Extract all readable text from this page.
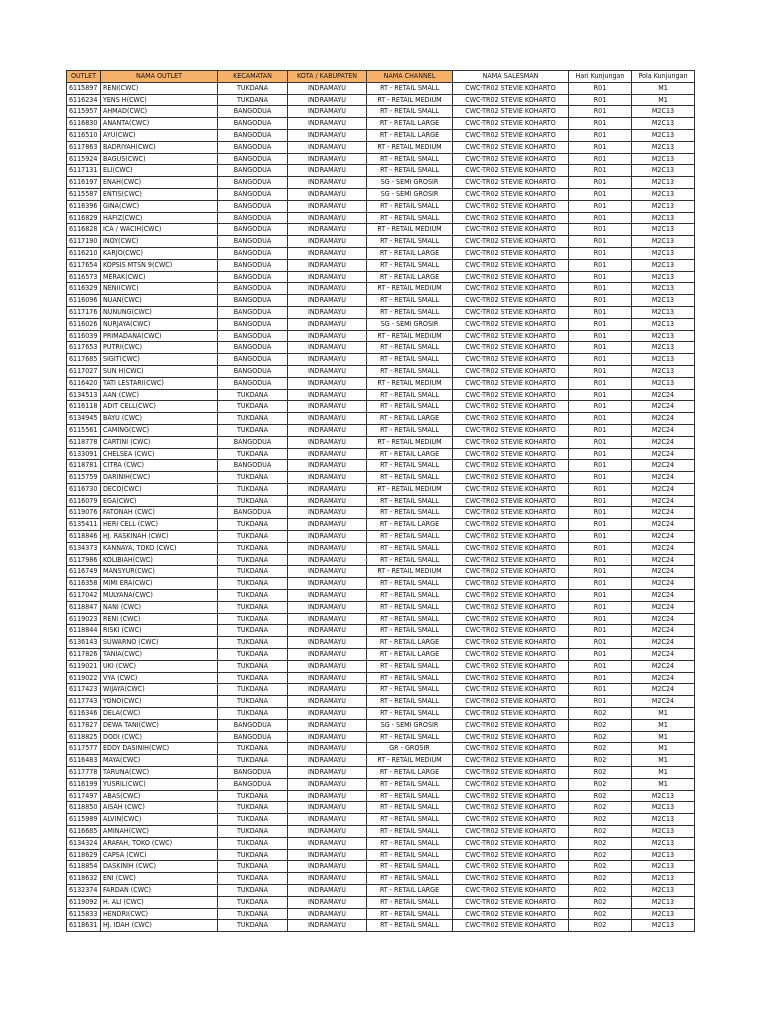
OUTLET	NAMA OUTLET	KECAMATAN	KOTA / KABUPATEN	NAMA CHANNEL	NAMA SALESMAN	Hari Kunjungan	Pola Kunjungan
6115897	RENI(CWC)	TUKDANA	INDRAMAYU	RT - RETAIL SMALL	CWC-TR02 STEVIE KOHARTO	R01	M1
6116234	YENS H(CWC)	TUKDANA	INDRAMAYU	RT - RETAIL MEDIUM	CWC-TR02 STEVIE KOHARTO	R01	M1
6115957	AHMAD(CWC)	BANGODUA	INDRAMAYU	RT - RETAIL SMALL	CWC-TR02 STEVIE KOHARTO	R01	M2C13
6116830	ANANTA(CWC)	BANGODUA	INDRAMAYU	RT - RETAIL LARGE	CWC-TR02 STEVIE KOHARTO	R01	M2C13
6116510	AYU(CWC)	BANGODUA	INDRAMAYU	RT - RETAIL LARGE	CWC-TR02 STEVIE KOHARTO	R01	M2C13
6117863	BADRIYAH(CWC)	BANGODUA	INDRAMAYU	RT - RETAIL MEDIUM	CWC-TR02 STEVIE KOHARTO	R01	M2C13
6115924	BAGUS(CWC)	BANGODUA	INDRAMAYU	RT - RETAIL SMALL	CWC-TR02 STEVIE KOHARTO	R01	M2C13
6117131	ELI(CWC)	BANGODUA	INDRAMAYU	RT - RETAIL SMALL	CWC-TR02 STEVIE KOHARTO	R01	M2C13
6116197	ENAH(CWC)	BANGODUA	INDRAMAYU	SG - SEMI GROSIR	CWC-TR02 STEVIE KOHARTO	R01	M2C13
6115587	ENTIS(CWC)	BANGODUA	INDRAMAYU	SG - SEMI GROSIR	CWC-TR02 STEVIE KOHARTO	R01	M2C13
6116396	GINA(CWC)	BANGODUA	INDRAMAYU	RT - RETAIL SMALL	CWC-TR02 STEVIE KOHARTO	R01	M2C13
6116829	HAFIZ(CWC)	BANGODUA	INDRAMAYU	RT - RETAIL SMALL	CWC-TR02 STEVIE KOHARTO	R01	M2C13
6116828	ICA / WACIH(CWC)	BANGODUA	INDRAMAYU	RT - RETAIL MEDIUM	CWC-TR02 STEVIE KOHARTO	R01	M2C13
6117190	INOY(CWC)	BANGODUA	INDRAMAYU	RT - RETAIL SMALL	CWC-TR02 STEVIE KOHARTO	R01	M2C13
6116210	KARJO(CWC)	BANGODUA	INDRAMAYU	RT - RETAIL LARGE	CWC-TR02 STEVIE KOHARTO	R01	M2C13
6117654	KOPSIS MTSN 9(CWC)	BANGODUA	INDRAMAYU	RT - RETAIL SMALL	CWC-TR02 STEVIE KOHARTO	R01	M2C13
6116573	MERAK(CWC)	BANGODUA	INDRAMAYU	RT - RETAIL LARGE	CWC-TR02 STEVIE KOHARTO	R01	M2C13
6116329	NENI(CWC)	BANGODUA	INDRAMAYU	RT - RETAIL MEDIUM	CWC-TR02 STEVIE KOHARTO	R01	M2C13
6116096	NUAN(CWC)	BANGODUA	INDRAMAYU	RT - RETAIL SMALL	CWC-TR02 STEVIE KOHARTO	R01	M2C13
6117176	NUNUNG(CWC)	BANGODUA	INDRAMAYU	RT - RETAIL SMALL	CWC-TR02 STEVIE KOHARTO	R01	M2C13
6116026	NURJAYA(CWC)	BANGODUA	INDRAMAYU	SG - SEMI GROSIR	CWC-TR02 STEVIE KOHARTO	R01	M2C13
6116039	PRIMADANA(CWC)	BANGODUA	INDRAMAYU	RT - RETAIL MEDIUM	CWC-TR02 STEVIE KOHARTO	R01	M2C13
6117653	PUTRI(CWC)	BANGODUA	INDRAMAYU	RT - RETAIL SMALL	CWC-TR02 STEVIE KOHARTO	R01	M2C13
6117685	SIGIT(CWC)	BANGODUA	INDRAMAYU	RT - RETAIL SMALL	CWC-TR02 STEVIE KOHARTO	R01	M2C13
6117027	SUN H(CWC)	BANGODUA	INDRAMAYU	RT - RETAIL SMALL	CWC-TR02 STEVIE KOHARTO	R01	M2C13
6116420	TATI LESTARI(CWC)	BANGODUA	INDRAMAYU	RT - RETAIL MEDIUM	CWC-TR02 STEVIE KOHARTO	R01	M2C13
6134513	AAN (CWC)	TUKDANA	INDRAMAYU	RT - RETAIL SMALL	CWC-TR02 STEVIE KOHARTO	R01	M2C24
6116118	ADIT CELL(CWC)	TUKDANA	INDRAMAYU	RT - RETAIL SMALL	CWC-TR02 STEVIE KOHARTO	R01	M2C24
6134945	BAYU (CWC)	TUKDANA	INDRAMAYU	RT - RETAIL LARGE	CWC-TR02 STEVIE KOHARTO	R01	M2C24
6115561	CAMING(CWC)	TUKDANA	INDRAMAYU	RT - RETAIL SMALL	CWC-TR02 STEVIE KOHARTO	R01	M2C24
6118778	CARTINI (CWC)	BANGODUA	INDRAMAYU	RT - RETAIL MEDIUM	CWC-TR02 STEVIE KOHARTO	R01	M2C24
6133091	CHELSEA (CWC)	TUKDANA	INDRAMAYU	RT - RETAIL LARGE	CWC-TR02 STEVIE KOHARTO	R01	M2C24
6118781	CITRA (CWC)	BANGODUA	INDRAMAYU	RT - RETAIL SMALL	CWC-TR02 STEVIE KOHARTO	R01	M2C24
6115759	DARINIH(CWC)	TUKDANA	INDRAMAYU	RT - RETAIL SMALL	CWC-TR02 STEVIE KOHARTO	R01	M2C24
6116730	DECO(CWC)	TUKDANA	INDRAMAYU	RT - RETAIL MEDIUM	CWC-TR02 STEVIE KOHARTO	R01	M2C24
6116079	EGA(CWC)	TUKDANA	INDRAMAYU	RT - RETAIL SMALL	CWC-TR02 STEVIE KOHARTO	R01	M2C24
6119076	FATONAH (CWC)	BANGODUA	INDRAMAYU	RT - RETAIL SMALL	CWC-TR02 STEVIE KOHARTO	R01	M2C24
6135411	HERI CELL (CWC)	TUKDANA	INDRAMAYU	RT - RETAIL LARGE	CWC-TR02 STEVIE KOHARTO	R01	M2C24
6118846	HJ. RASKINAH (CWC)	TUKDANA	INDRAMAYU	RT - RETAIL SMALL	CWC-TR02 STEVIE KOHARTO	R01	M2C24
6134373	KANNAYA, TOKO (CWC)	TUKDANA	INDRAMAYU	RT - RETAIL SMALL	CWC-TR02 STEVIE KOHARTO	R01	M2C24
6117986	KOLIBIAH(CWC)	TUKDANA	INDRAMAYU	RT - RETAIL SMALL	CWC-TR02 STEVIE KOHARTO	R01	M2C24
6116749	MANSYUR(CWC)	TUKDANA	INDRAMAYU	RT - RETAIL MEDIUM	CWC-TR02 STEVIE KOHARTO	R01	M2C24
6116358	MIMI ERA(CWC)	TUKDANA	INDRAMAYU	RT - RETAIL SMALL	CWC-TR02 STEVIE KOHARTO	R01	M2C24
6117042	MULYANA(CWC)	TUKDANA	INDRAMAYU	RT - RETAIL SMALL	CWC-TR02 STEVIE KOHARTO	R01	M2C24
6118847	NANI (CWC)	TUKDANA	INDRAMAYU	RT - RETAIL SMALL	CWC-TR02 STEVIE KOHARTO	R01	M2C24
6119023	RENI (CWC)	TUKDANA	INDRAMAYU	RT - RETAIL SMALL	CWC-TR02 STEVIE KOHARTO	R01	M2C24
6118844	RISKI (CWC)	TUKDANA	INDRAMAYU	RT - RETAIL SMALL	CWC-TR02 STEVIE KOHARTO	R01	M2C24
6136143	SUWARNO (CWC)	TUKDANA	INDRAMAYU	RT - RETAIL LARGE	CWC-TR02 STEVIE KOHARTO	R01	M2C24
6117826	TANIA(CWC)	TUKDANA	INDRAMAYU	RT - RETAIL LARGE	CWC-TR02 STEVIE KOHARTO	R01	M2C24
6119021	UKI (CWC)	TUKDANA	INDRAMAYU	RT - RETAIL SMALL	CWC-TR02 STEVIE KOHARTO	R01	M2C24
6119022	VYA (CWC)	TUKDANA	INDRAMAYU	RT - RETAIL SMALL	CWC-TR02 STEVIE KOHARTO	R01	M2C24
6117423	WIJAYA(CWC)	TUKDANA	INDRAMAYU	RT - RETAIL SMALL	CWC-TR02 STEVIE KOHARTO	R01	M2C24
6117743	YONO(CWC)	TUKDANA	INDRAMAYU	RT - RETAIL SMALL	CWC-TR02 STEVIE KOHARTO	R01	M2C24
6116346	DELA(CWC)	TUKDANA	INDRAMAYU	RT - RETAIL SMALL	CWC-TR02 STEVIE KOHARTO	R02	M1
6117827	DEWA TANI(CWC)	BANGODUA	INDRAMAYU	SG - SEMI GROSIR	CWC-TR02 STEVIE KOHARTO	R02	M1
6118825	DODI (CWC)	BANGODUA	INDRAMAYU	RT - RETAIL SMALL	CWC-TR02 STEVIE KOHARTO	R02	M1
6117577	EDDY DASINIH(CWC)	TUKDANA	INDRAMAYU	GR - GROSIR	CWC-TR02 STEVIE KOHARTO	R02	M1
6116483	MAYA(CWC)	TUKDANA	INDRAMAYU	RT - RETAIL MEDIUM	CWC-TR02 STEVIE KOHARTO	R02	M1
6117778	TARUNA(CWC)	BANGODUA	INDRAMAYU	RT - RETAIL LARGE	CWC-TR02 STEVIE KOHARTO	R02	M1
6116199	YUSRIL(CWC)	BANGODUA	INDRAMAYU	RT - RETAIL SMALL	CWC-TR02 STEVIE KOHARTO	R02	M1
6117497	ABAS(CWC)	TUKDANA	INDRAMAYU	RT - RETAIL SMALL	CWC-TR02 STEVIE KOHARTO	R02	M2C13
6118850	AISAH (CWC)	TUKDANA	INDRAMAYU	RT - RETAIL SMALL	CWC-TR02 STEVIE KOHARTO	R02	M2C13
6115989	ALVIN(CWC)	TUKDANA	INDRAMAYU	RT - RETAIL SMALL	CWC-TR02 STEVIE KOHARTO	R02	M2C13
6116685	AMINAH(CWC)	TUKDANA	INDRAMAYU	RT - RETAIL SMALL	CWC-TR02 STEVIE KOHARTO	R02	M2C13
6134324	ARAFAH, TOKO (CWC)	TUKDANA	INDRAMAYU	RT - RETAIL SMALL	CWC-TR02 STEVIE KOHARTO	R02	M2C13
6118629	CAPSA (CWC)	TUKDANA	INDRAMAYU	RT - RETAIL SMALL	CWC-TR02 STEVIE KOHARTO	R02	M2C13
6118854	DASKINIH (CWC)	TUKDANA	INDRAMAYU	RT - RETAIL SMALL	CWC-TR02 STEVIE KOHARTO	R02	M2C13
6118632	ENI (CWC)	TUKDANA	INDRAMAYU	RT - RETAIL SMALL	CWC-TR02 STEVIE KOHARTO	R02	M2C13
6132374	FARDAN (CWC)	TUKDANA	INDRAMAYU	RT - RETAIL LARGE	CWC-TR02 STEVIE KOHARTO	R02	M2C13
6119092	H. ALI (CWC)	TUKDANA	INDRAMAYU	RT - RETAIL SMALL	CWC-TR02 STEVIE KOHARTO	R02	M2C13
6115833	HENDRI(CWC)	TUKDANA	INDRAMAYU	RT - RETAIL SMALL	CWC-TR02 STEVIE KOHARTO	R02	M2C13
6118631	HJ. IDAH (CWC)	TUKDANA	INDRAMAYU	RT - RETAIL SMALL	CWC-TR02 STEVIE KOHARTO	R02	M2C13
